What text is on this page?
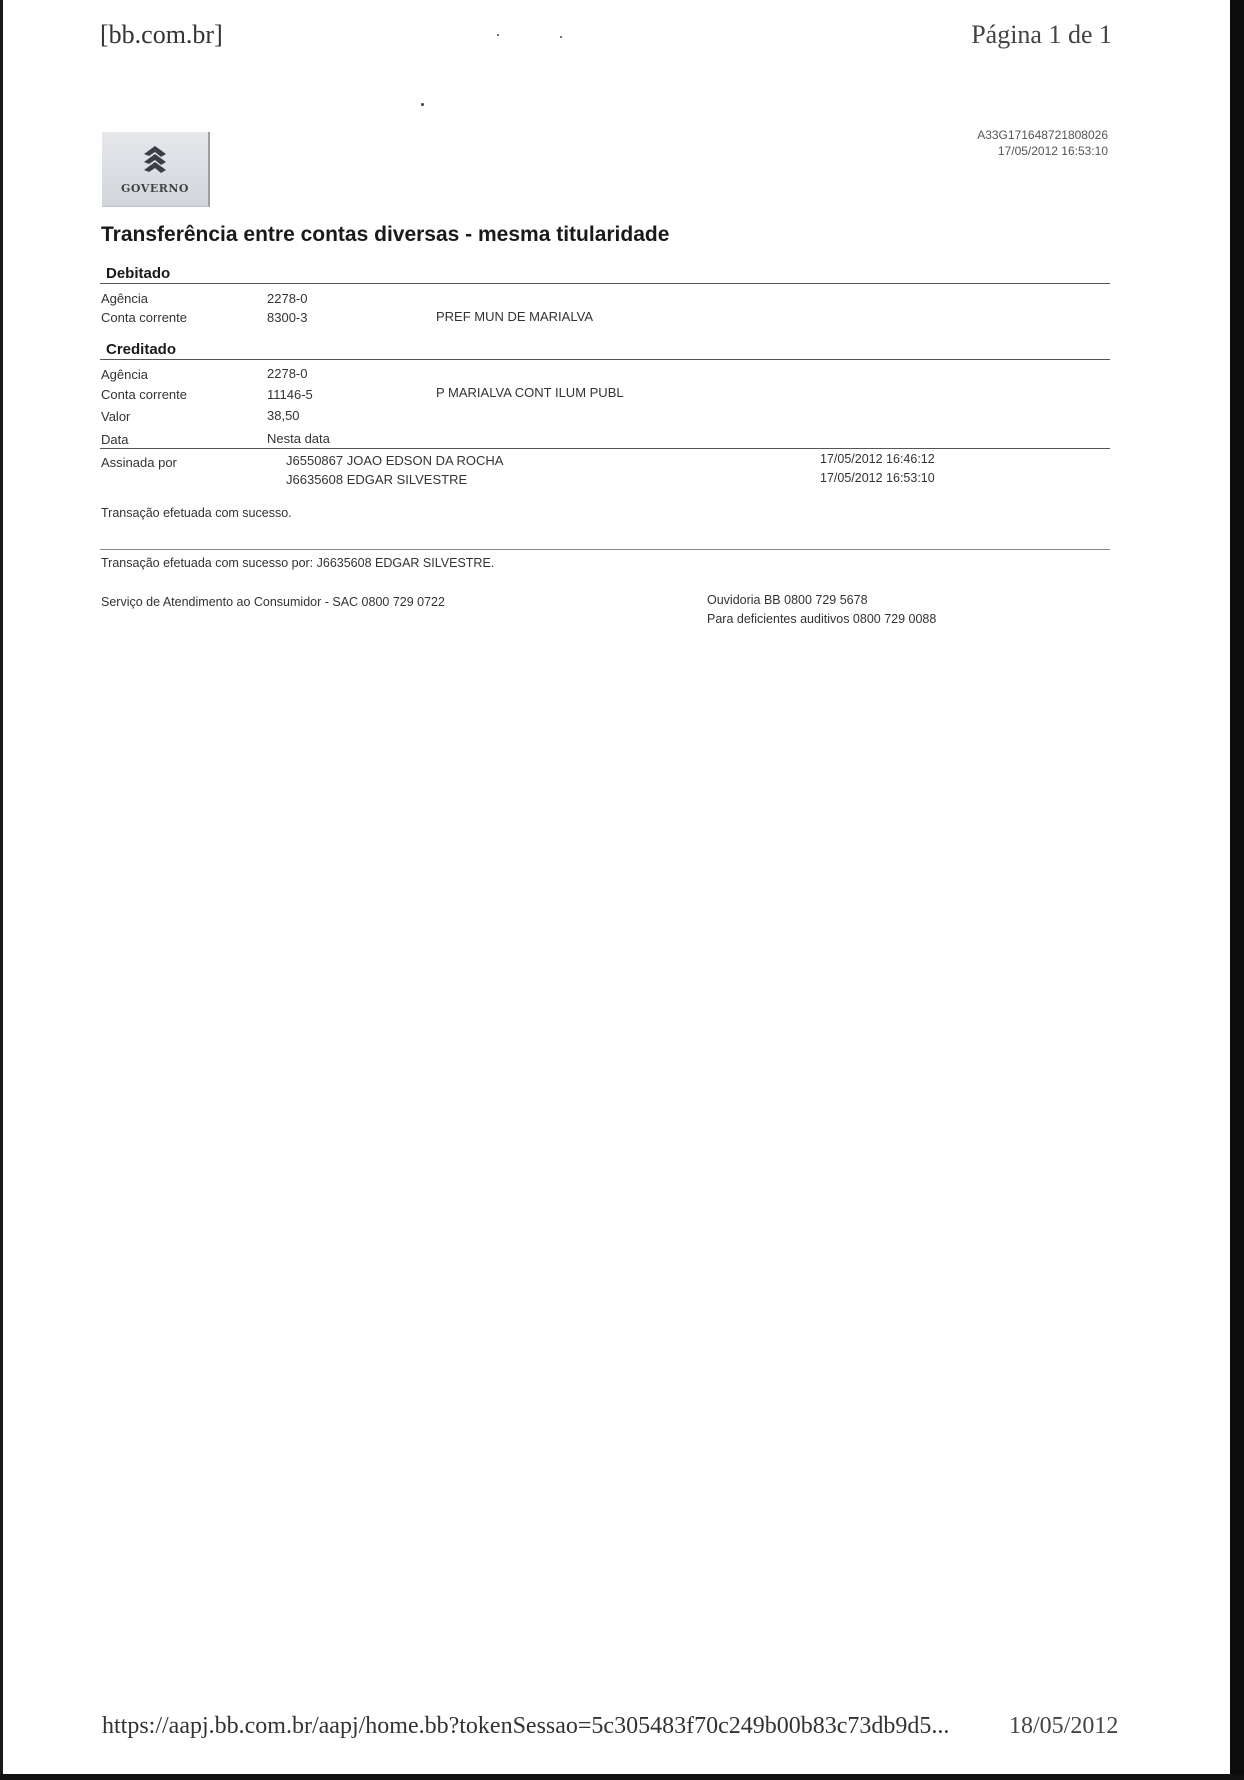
[bb.com.br]	Página 1 de 1
GOVERNO
A33G171648721808026
17/05/2012 16:53:10
Transferência entre contas diversas - mesma titularidade
Debitado
Agência	2278-0
Conta corrente	8300-3	PREF MUN DE MARIALVA
Creditado
Agência	2278-0
Conta corrente	11146-5	P MARIALVA CONT ILUM PUBL
Valor	38,50
Data	Nesta data
Assinada por	J6550867 JOAO EDSON DA ROCHA	17/05/2012 16:46:12
J6635608 EDGAR SILVESTRE	17/05/2012 16:53:10
Transação efetuada com sucesso.
Transação efetuada com sucesso por: J6635608 EDGAR SILVESTRE.
Serviço de Atendimento ao Consumidor - SAC 0800 729 0722	Ouvidoria BB 0800 729 5678
Para deficientes auditivos 0800 729 0088
https://aapj.bb.com.br/aapj/home.bb?tokenSessao=5c305483f70c249b00b83c73db9d5... 18/05/2012
